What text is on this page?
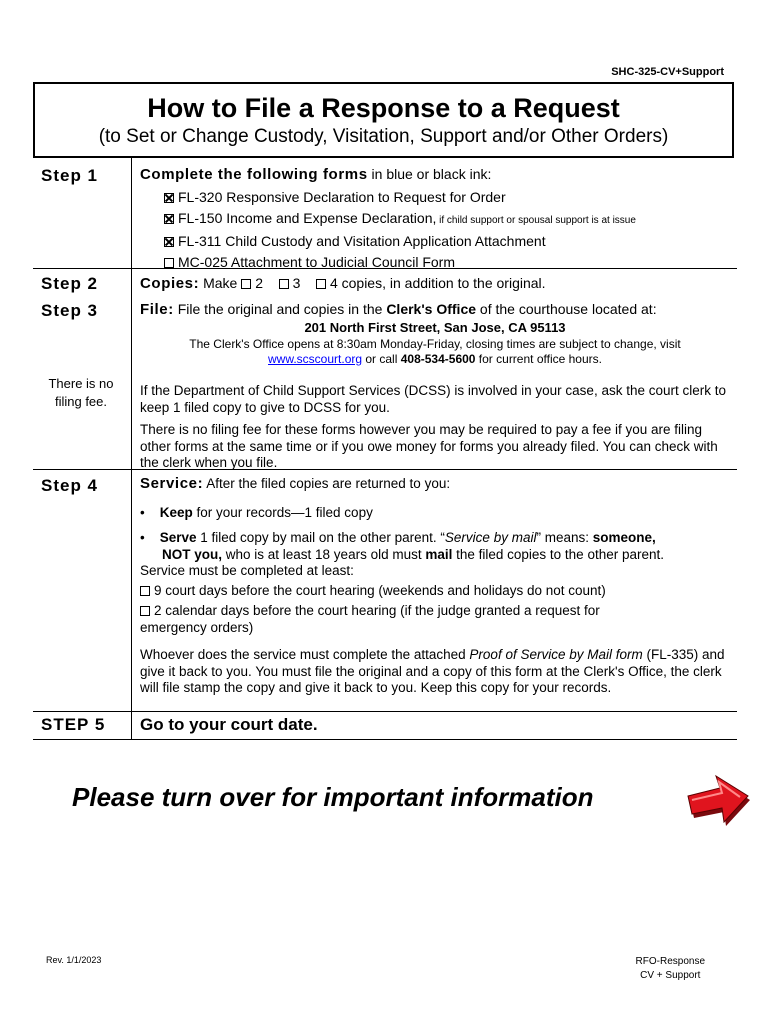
SHC-325-CV+Support
How to File a Response to a Request
(to Set or Change Custody, Visitation, Support and/or Other Orders)
Step 1	Complete the following forms in blue or black ink:
FL-320 Responsive Declaration to Request for Order
FL-150 Income and Expense Declaration, if child support or spousal support is at issue
FL-311 Child Custody and Visitation Application Attachment
MC-025 Attachment to Judicial Council Form
Step 2	Copies: Make 2 3 4 copies, in addition to the original.
Step 3	File: File the original and copies in the Clerk's Office of the courthouse located at:
201 North First Street, San Jose, CA 95113
The Clerk's Office opens at 8:30am Monday-Friday, closing times are subject to change, visit
www.scscourt.org or call 408-534-5600 for current office hours.
There is no filing fee.
If the Department of Child Support Services (DCSS) is involved in your case, ask the court clerk to keep 1 filed copy to give to DCSS for you.
There is no filing fee for these forms however you may be required to pay a fee if you are filing other forms at the same time or if you owe money for forms you already filed. You can check with the clerk when you file.
Step 4	Service: After the filed copies are returned to you:
•    Keep for your records—1 filed copy
•    Serve 1 filed copy by mail on the other parent. “Service by mail” means: someone,
NOT you, who is at least 18 years old must mail the filed copies to the other parent.
Service must be completed at least:
9 court days before the court hearing (weekends and holidays do not count)
2 calendar days before the court hearing (if the judge granted a request for
emergency orders)
Whoever does the service must complete the attached Proof of Service by Mail form (FL-335) and give it back to you. You must file the original and a copy of this form at the Clerk's Office, the clerk will file stamp the copy and give it back to you. Keep this copy for your records.
STEP 5 Go to your court date.
Please turn over for important information
Rev. 1/1/2023	RFO-Response
CV + Support
